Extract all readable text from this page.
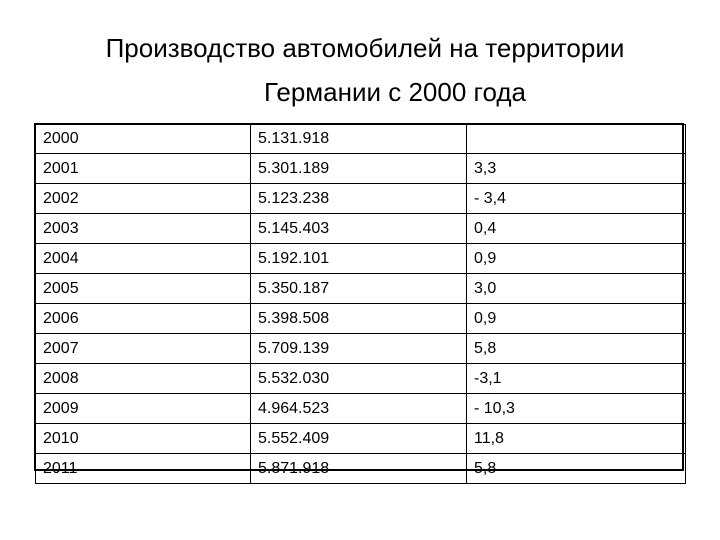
Производство автомобилей на территории
Германии с 2000 года
2000	5.131.918	
2001	5.301.189	3,3
2002	5.123.238	- 3,4
2003	5.145.403	0,4
2004	5.192.101	0,9
2005	5.350.187	3,0
2006	5.398.508	0,9
2007	5.709.139	5,8
2008	5.532.030	-3,1
2009	4.964.523	- 10,3
2010	5.552.409	11,8
2011	5.871.918	5,8
